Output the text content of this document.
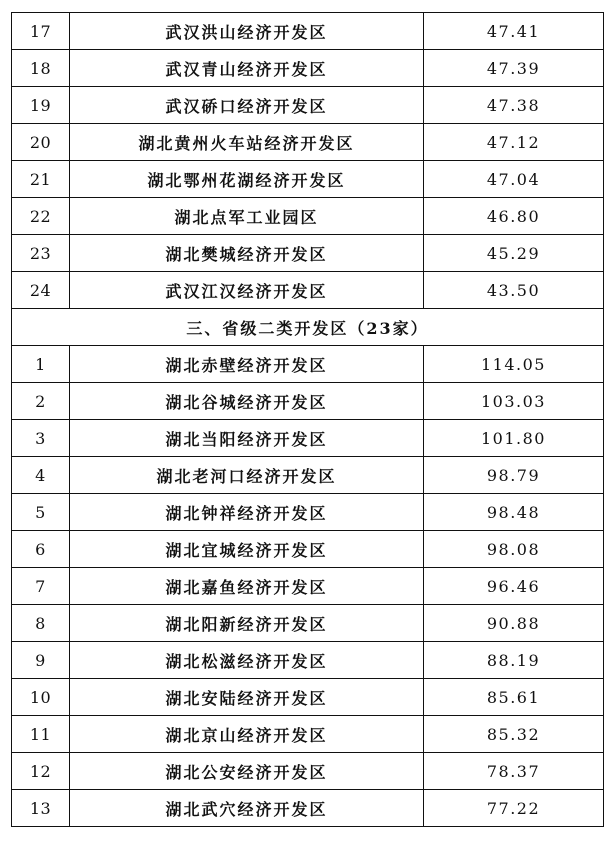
17	武汉洪山经济开发区	47.41
18	武汉青山经济开发区	47.39
19	武汉硚口经济开发区	47.38
20	湖北黄州火车站经济开发区	47.12
21	湖北鄂州花湖经济开发区	47.04
22	湖北点军工业园区	46.80
23	湖北樊城经济开发区	45.29
24	武汉江汉经济开发区	43.50
三、省级二类开发区（23家）		
1	湖北赤壁经济开发区	114.05
2	湖北谷城经济开发区	103.03
3	湖北当阳经济开发区	101.80
4	湖北老河口经济开发区	98.79
5	湖北钟祥经济开发区	98.48
6	湖北宜城经济开发区	98.08
7	湖北嘉鱼经济开发区	96.46
8	湖北阳新经济开发区	90.88
9	湖北松滋经济开发区	88.19
10	湖北安陆经济开发区	85.61
11	湖北京山经济开发区	85.32
12	湖北公安经济开发区	78.37
13	湖北武穴经济开发区	77.22
